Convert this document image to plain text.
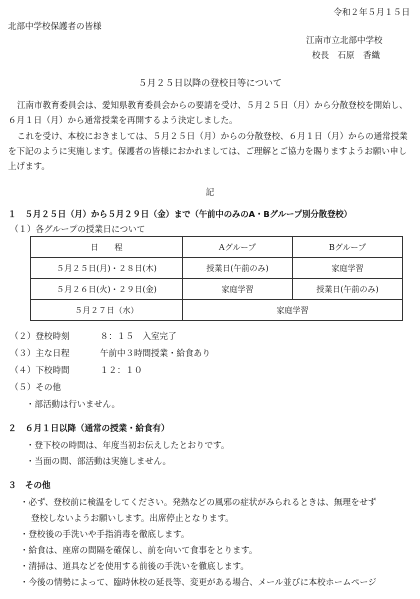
令和２年５月１５日
北部中学校保護者の皆様
江南市立北部中学校
校長　石原　香織
５月２５日以降の登校日等について
江南市教育委員会は、愛知県教育委員会からの要請を受け、５月２５日（月）から分散登校を開始し、６月１日（月）から通常授業を再開するよう決定しました。
これを受け、本校におきましては、５月２５日（月）からの分散登校、６月１日（月）からの通常授業を下記のように実施します。保護者の皆様におかれましては、ご理解とご協力を賜りますようお願い申し上げます。
記
１　５月２５日（月）から５月２９日（金）まで（午前中のみのA・Bグループ別分散登校）
（１）各グループの授業日について
日　　程	Aグループ	Bグループ
５月２５日(月)・２８日(木)	授業日(午前のみ)	家庭学習
５月２６日(火)・２９日(金)	家庭学習	授業日(午前のみ)
５月２７日（水）	家庭学習	
（２）登校時刻	８：１５　入室完了
（３）主な日程	午前中３時間授業・給食あり
（４）下校時間	１２：１０
（５）その他
・部活動は行いません。
２　６月１日以降（通常の授業・給食有）
・登下校の時間は、年度当初お伝えしたとおりです。
・当面の間、部活動は実施しません。
３　その他
・必ず、登校前に検温をしてください。発熱などの風邪の症状がみられるときは、無理をせず
登校しないようお願いします。出席停止となります。
・登校後の手洗いや手指消毒を徹底します。
・給食は、座席の間隔を確保し、前を向いて食事をとります。
・清掃は、道具などを使用する前後の手洗いを徹底します。
・今後の情勢によって、臨時休校の延長等、変更がある場合、メール並びに本校ホームページ
